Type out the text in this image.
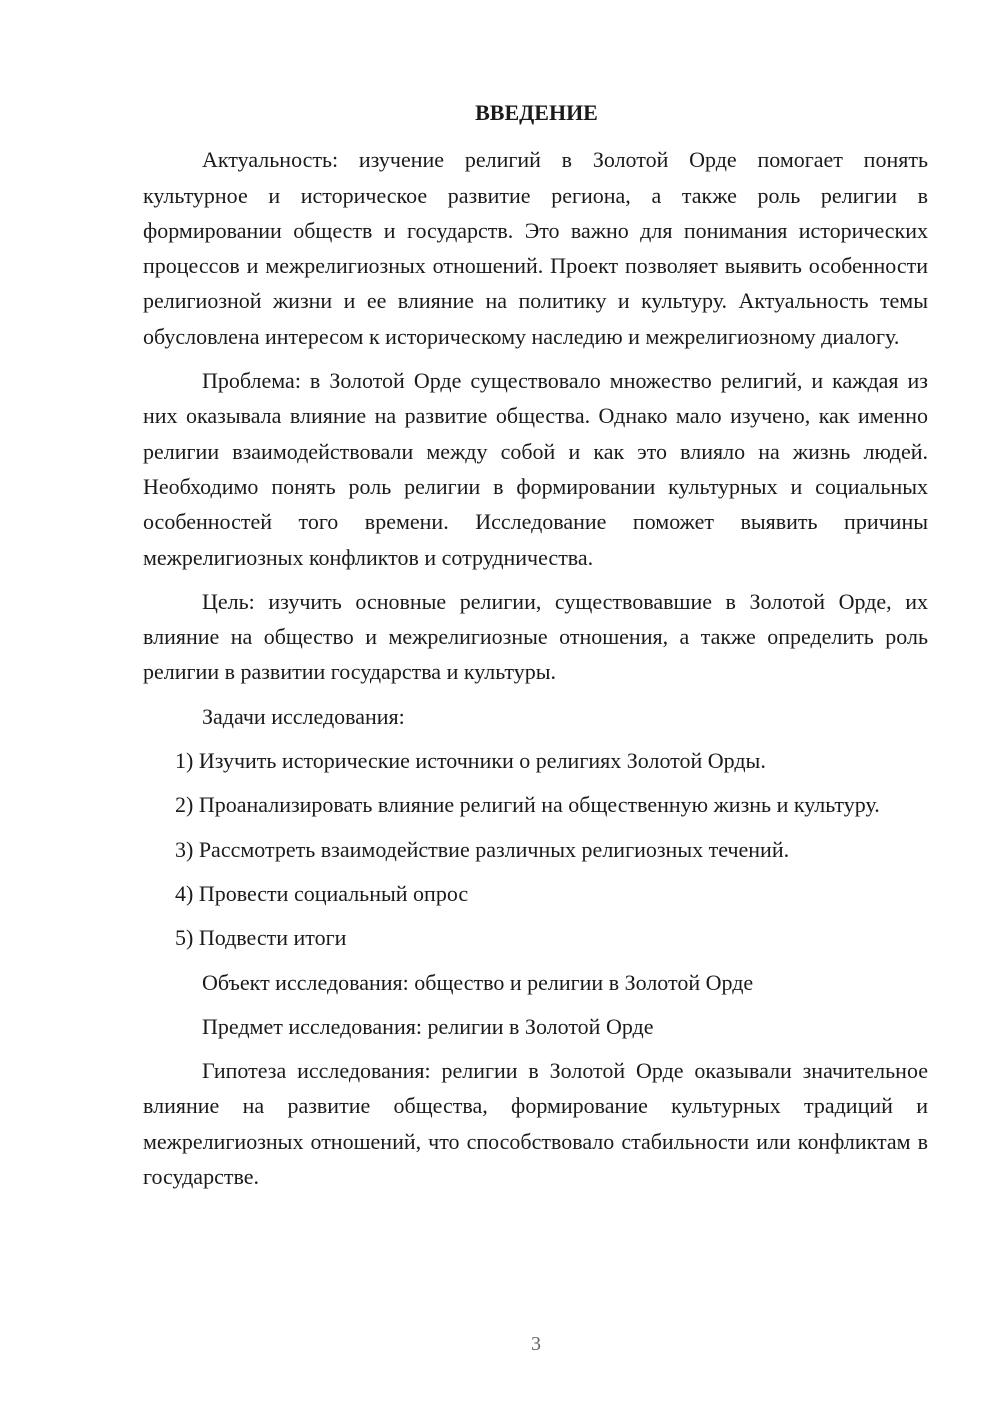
ВВЕДЕНИЕ

Актуальность: изучение религий в Золотой Орде помогает понять культурное и историческое развитие региона, а также роль религии в формировании обществ и государств. Это важно для понимания исторических процессов и межрелигиозных отношений. Проект позволяет выявить особенности религиозной жизни и ее влияние на политику и культуру. Актуальность темы обусловлена интересом к историческому наследию и межрелигиозному диалогу.

Проблема: в Золотой Орде существовало множество религий, и каждая из них оказывала влияние на развитие общества. Однако мало изучено, как именно религии взаимодействовали между собой и как это влияло на жизнь людей. Необходимо понять роль религии в формировании культурных и социальных особенностей того времени. Исследование поможет выявить причины межрелигиозных конфликтов и сотрудничества.

Цель: изучить основные религии, существовавшие в Золотой Орде, их влияние на общество и межрелигиозные отношения, а также определить роль религии в развитии государства и культуры.

Задачи исследования:

1) Изучить исторические источники о религиях Золотой Орды.

2) Проанализировать влияние религий на общественную жизнь и культуру.

3) Рассмотреть взаимодействие различных религиозных течений.

4) Провести социальный опрос

5) Подвести итоги

Объект исследования: общество и религии в Золотой Орде

Предмет исследования: религии в Золотой Орде

Гипотеза исследования: религии в Золотой Орде оказывали значительное влияние на развитие общества, формирование культурных традиций и межрелигиозных отношений, что способствовало стабильности или конфликтам в государстве.

3
